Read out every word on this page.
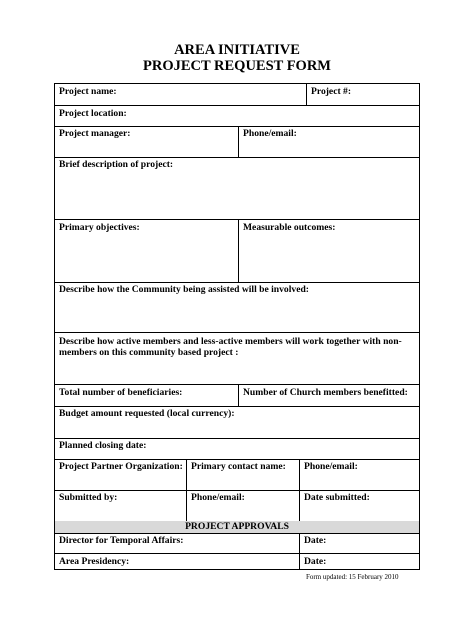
AREA INITIATIVE
PROJECT REQUEST FORM
Project name:	Project #:
Project location:
Project manager:	Phone/email:
Brief description of project:
Primary objectives:	Measurable outcomes:
Describe how the Community being assisted will be involved:
Describe how active members and less-active members will work together with non-members on this community based project :
Total number of beneficiaries:	Number of Church members benefitted:
Budget amount requested (local currency):
Planned closing date:
Project Partner Organization: Primary contact name: Phone/email:
Submitted by:	Phone/email:	Date submitted:
PROJECT APPROVALS
Director for Temporal Affairs:	Date:
Area Presidency:	Date:
Form updated: 15 February 2010
